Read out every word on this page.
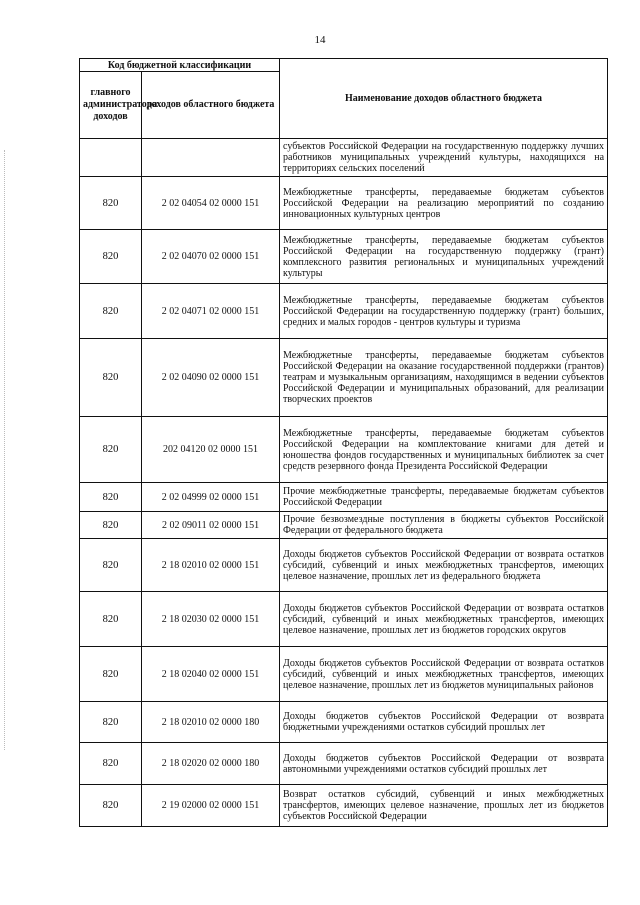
14
Код бюджетной классификации		Наименование доходов областного бюджета
главного администратора доходов	доходов областного бюджета	
		субъектов Российской Федерации на государственную поддержку лучших работников муниципальных учреждений культуры, находящихся на территориях сельских поселений
820	2 02 04054 02 0000 151	Межбюджетные трансферты, передаваемые бюджетам субъектов Российской Федерации на реализацию мероприятий по созданию инновационных культурных центров
820	2 02 04070 02 0000 151	Межбюджетные трансферты, передаваемые бюджетам субъектов Российской Федерации на государственную поддержку (грант) комплексного развития региональных и муниципальных учреждений культуры
820	2 02 04071 02 0000 151	Межбюджетные трансферты, передаваемые бюджетам субъектов Российской Федерации на государственную поддержку (грант) больших, средних и малых городов - центров культуры и туризма
820	2 02 04090 02 0000 151	Межбюджетные трансферты, передаваемые бюджетам субъектов Российской Федерации на оказание государственной поддержки (грантов) театрам и музыкальным организациям, находящимся в ведении субъектов Российской Федерации и муниципальных образований, для реализации творческих проектов
820	202 04120 02 0000 151	Межбюджетные трансферты, передаваемые бюджетам субъектов Российской Федерации на комплектование книгами для детей и юношества фондов государственных и муниципальных библиотек за счет средств резервного фонда Президента Российской Федерации
820	2 02 04999 02 0000 151	Прочие межбюджетные трансферты, передаваемые бюджетам субъектов Российской Федерации
820	2 02 09011 02 0000 151	Прочие безвозмездные поступления в бюджеты субъектов Российской Федерации от федерального бюджета
820	2 18 02010 02 0000 151	Доходы бюджетов субъектов Российской Федерации от возврата остатков субсидий, субвенций и иных межбюджетных трансфертов, имеющих целевое назначение, прошлых лет из федерального бюджета
820	2 18 02030 02 0000 151	Доходы бюджетов субъектов Российской Федерации от возврата остатков субсидий, субвенций и иных межбюджетных трансфертов, имеющих целевое назначение, прошлых лет из бюджетов городских округов
820	2 18 02040 02 0000 151	Доходы бюджетов субъектов Российской Федерации от возврата остатков субсидий, субвенций и иных межбюджетных трансфертов, имеющих целевое назначение, прошлых лет из бюджетов муниципальных районов
820	2 18 02010 02 0000 180	Доходы бюджетов субъектов Российской Федерации от возврата бюджетными учреждениями остатков субсидий прошлых лет
820	2 18 02020 02 0000 180	Доходы бюджетов субъектов Российской Федерации от возврата автономными учреждениями остатков субсидий прошлых лет
820	2 19 02000 02 0000 151	Возврат остатков субсидий, субвенций и иных межбюджетных трансфертов, имеющих целевое назначение, прошлых лет из бюджетов субъектов Российской Федерации
